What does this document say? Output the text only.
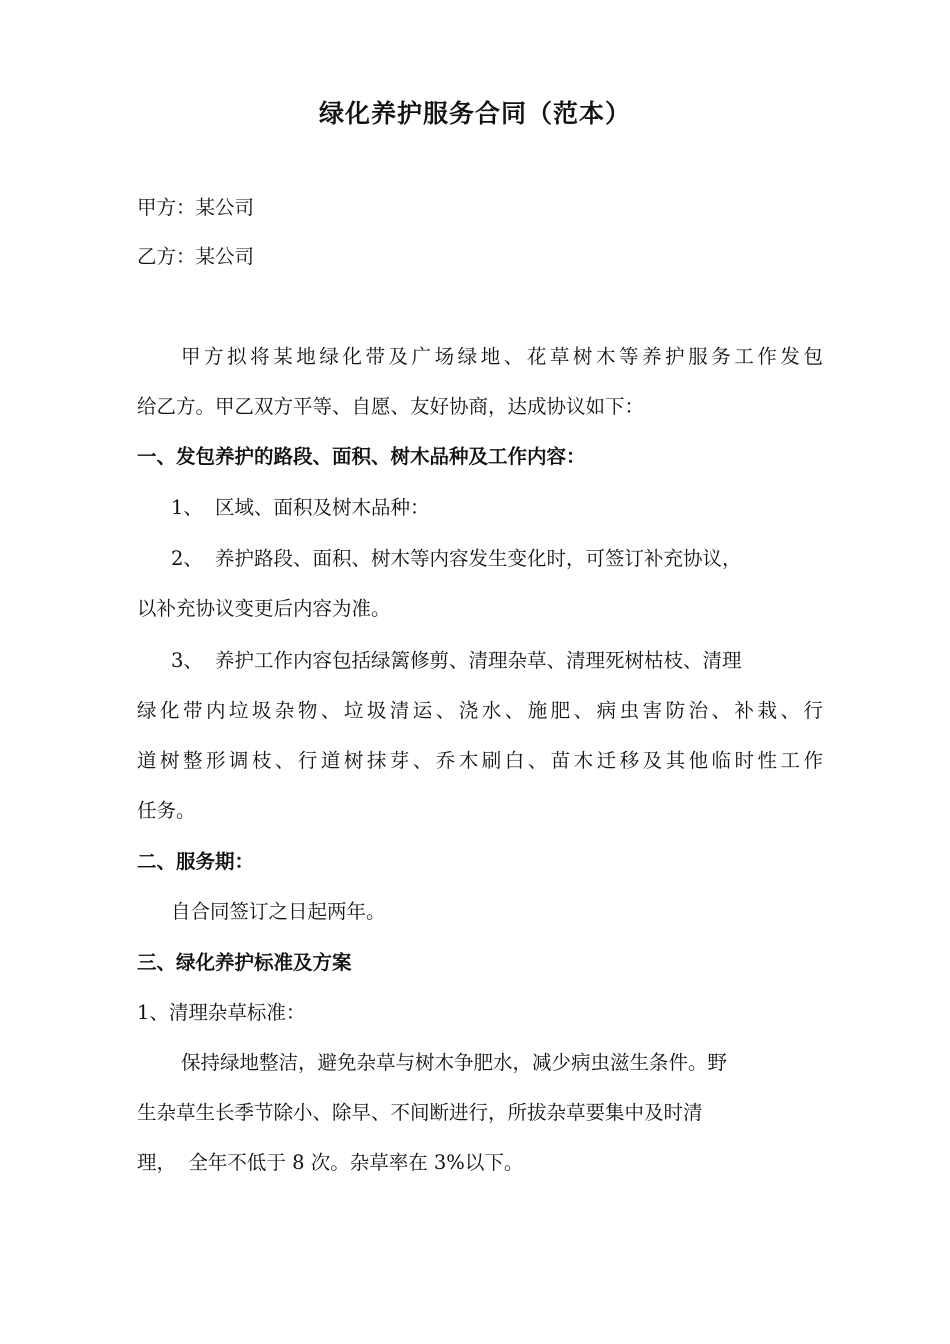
绿化养护服务合同（范本）
甲方：某公司
乙方：某公司
甲方拟将某地绿化带及广场绿地、花草树木等养护服务工作发包
给乙方。甲乙双方平等、自愿、友好协商，达成协议如下：
一、发包养护的路段、面积、树木品种及工作内容：
1、 区域、面积及树木品种：
2、 养护路段、面积、树木等内容发生变化时，可签订补充协议，
以补充协议变更后内容为准。
3、 养护工作内容包括绿篱修剪、清理杂草、清理死树枯枝、清理
绿化带内垃圾杂物、垃圾清运、浇水、施肥、病虫害防治、补栽、行
道树整形调枝、行道树抹芽、乔木刷白、苗木迁移及其他临时性工作
任务。
二、服务期：
自合同签订之日起两年。
三、绿化养护标准及方案
1、清理杂草标准：
保持绿地整洁，避免杂草与树木争肥水，减少病虫滋生条件。野
生杂草生长季节除小、除早、不间断进行，所拔杂草要集中及时清
理，  全年不低于 8 次。杂草率在 3%以下。
